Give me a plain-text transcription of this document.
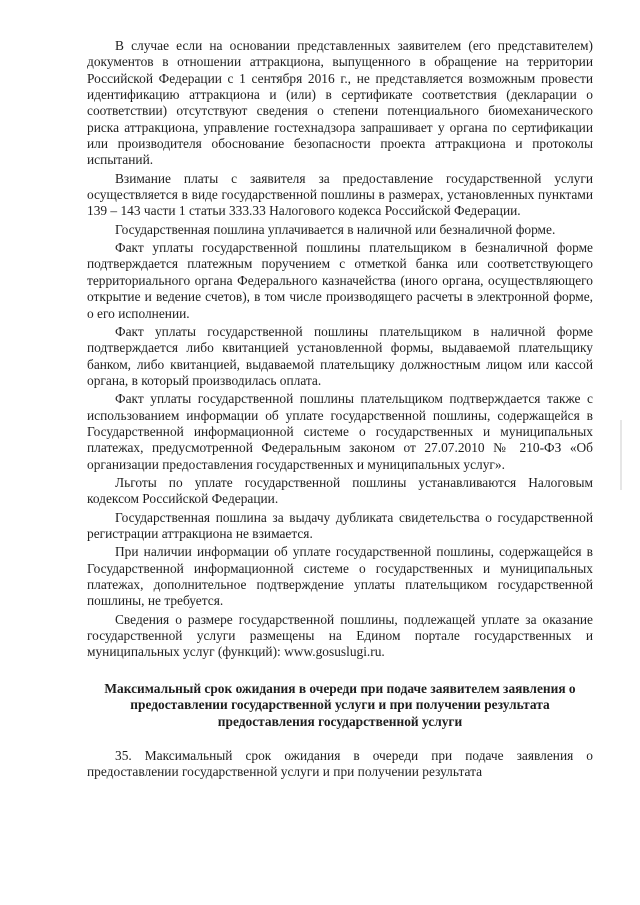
В случае если на основании представленных заявителем (его представителем) документов в отношении аттракциона, выпущенного в обращение на территории Российской Федерации с 1 сентября 2016 г., не представляется возможным провести идентификацию аттракциона и (или) в сертификате соответствия (декларации о соответствии) отсутствуют сведения о степени потенциального биомеханического риска аттракциона, управление гостехнадзора запрашивает у органа по сертификации или производителя обоснование безопасности проекта аттракциона и протоколы испытаний.

Взимание платы с заявителя за предоставление государственной услуги осуществляется в виде государственной пошлины в размерах, установленных пунктами 139 – 143 части 1 статьи 333.33 Налогового кодекса Российской Федерации.

Государственная пошлина уплачивается в наличной или безналичной форме.

Факт уплаты государственной пошлины плательщиком в безналичной форме подтверждается платежным поручением с отметкой банка или соответствующего территориального органа Федерального казначейства (иного органа, осуществляющего открытие и ведение счетов), в том числе производящего расчеты в электронной форме, о его исполнении.

Факт уплаты государственной пошлины плательщиком в наличной форме подтверждается либо квитанцией установленной формы, выдаваемой плательщику банком, либо квитанцией, выдаваемой плательщику должностным лицом или кассой органа, в который производилась оплата.

Факт уплаты государственной пошлины плательщиком подтверждается также с использованием информации об уплате государственной пошлины, содержащейся в Государственной информационной системе о государственных и муниципальных платежах, предусмотренной Федеральным законом от 27.07.2010 № 210-ФЗ «Об организации предоставления государственных и муниципальных услуг».

Льготы по уплате государственной пошлины устанавливаются Налоговым кодексом Российской Федерации.

Государственная пошлина за выдачу дубликата свидетельства о государственной регистрации аттракциона не взимается.

При наличии информации об уплате государственной пошлины, содержащейся в Государственной информационной системе о государственных и муниципальных платежах, дополнительное подтверждение уплаты плательщиком государственной пошлины, не требуется.

Сведения о размере государственной пошлины, подлежащей уплате за оказание государственной услуги размещены на Едином портале государственных и муниципальных услуг (функций): www.gosuslugi.ru.

Максимальный срок ожидания в очереди при подаче заявителем заявления о предоставлении государственной услуги и при получении результата предоставления государственной услуги

35. Максимальный срок ожидания в очереди при подаче заявления о предоставлении государственной услуги и при получении результата
